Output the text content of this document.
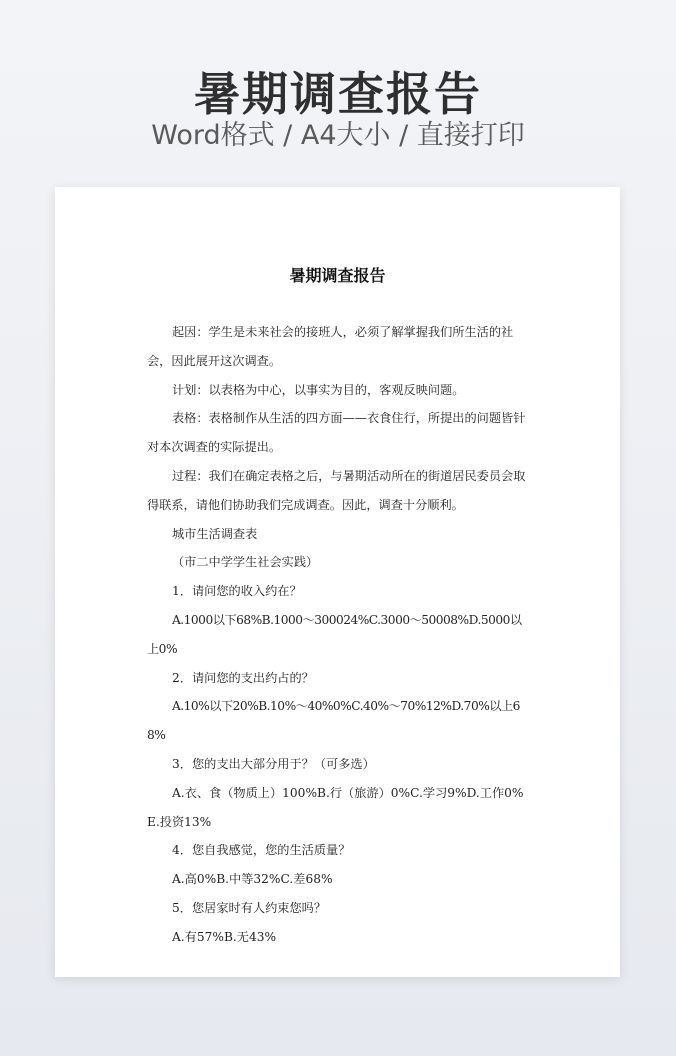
暑期调查报告
Word格式 / A4大小 / 直接打印
暑期调查报告

起因：学生是未来社会的接班人，必须了解掌握我们所生活的社会，因此展开这次调查。

计划：以表格为中心，以事实为目的，客观反映问题。

表格：表格制作从生活的四方面——衣食住行，所提出的问题皆针对本次调查的实际提出。

过程：我们在确定表格之后，与暑期活动所在的街道居民委员会取得联系，请他们协助我们完成调查。因此，调查十分顺利。

城市生活调查表

（市二中学学生社会实践）

1．请问您的收入约在？

A.1000以下68%B.1000～300024%C.3000～50008%D.5000以上0%

2．请问您的支出约占的？

A.10%以下20%B.10%～40%0%C.40%～70%12%D.70%以上68%

3．您的支出大部分用于？（可多选）

A.衣、食（物质上）100%B.行（旅游）0%C.学习9%D.工作0%E.投资13%

4．您自我感觉，您的生活质量？

A.高0%B.中等32%C.差68%

5．您居家时有人约束您吗？

A.有57%B.无43%
